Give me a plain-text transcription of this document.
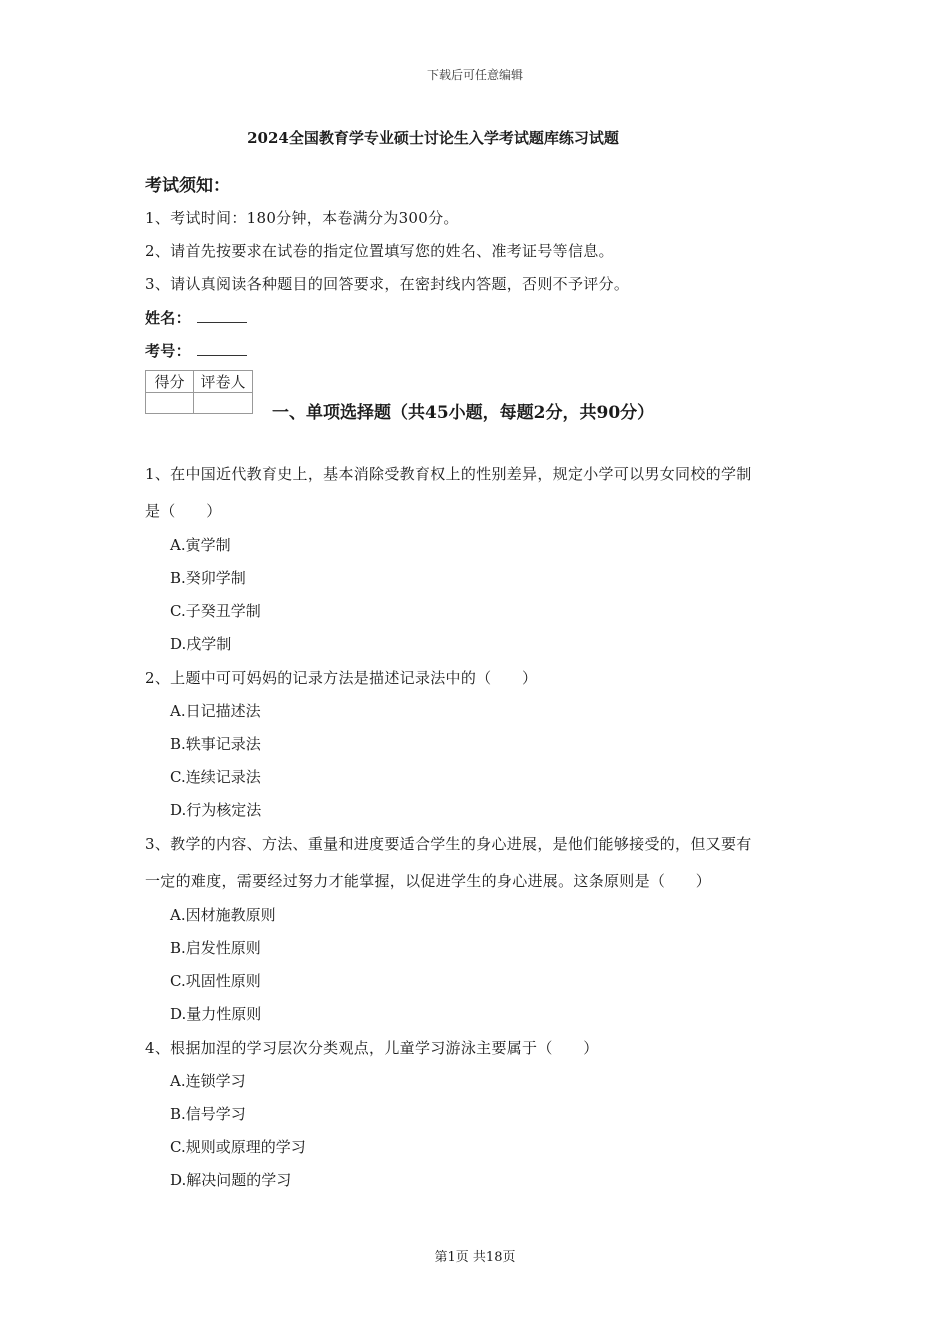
下载后可任意编辑
2024全国教育学专业硕士讨论生入学考试题库练习试题
考试须知：
1、考试时间：180分钟，本卷满分为300分。
2、请首先按要求在试卷的指定位置填写您的姓名、准考证号等信息。
3、请认真阅读各种题目的回答要求，在密封线内答题，否则不予评分。
姓名：
考号：
得分	评卷人

一、单项选择题（共45小题，每题2分，共90分）
1、在中国近代教育史上，基本消除受教育权上的性别差异，规定小学可以男女同校的学制
是（　　）
A.寅学制
B.癸卯学制
C.子癸丑学制
D.戌学制
2、上题中可可妈妈的记录方法是描述记录法中的（　　）
A.日记描述法
B.轶事记录法
C.连续记录法
D.行为核定法
3、教学的内容、方法、重量和进度要适合学生的身心进展，是他们能够接受的，但又要有
一定的难度，需要经过努力才能掌握，以促进学生的身心进展。这条原则是（　　）
A.因材施教原则
B.启发性原则
C.巩固性原则
D.量力性原则
4、根据加涅的学习层次分类观点，儿童学习游泳主要属于（　　）
A.连锁学习
B.信号学习
C.规则或原理的学习
D.解决问题的学习
第1页 共18页
